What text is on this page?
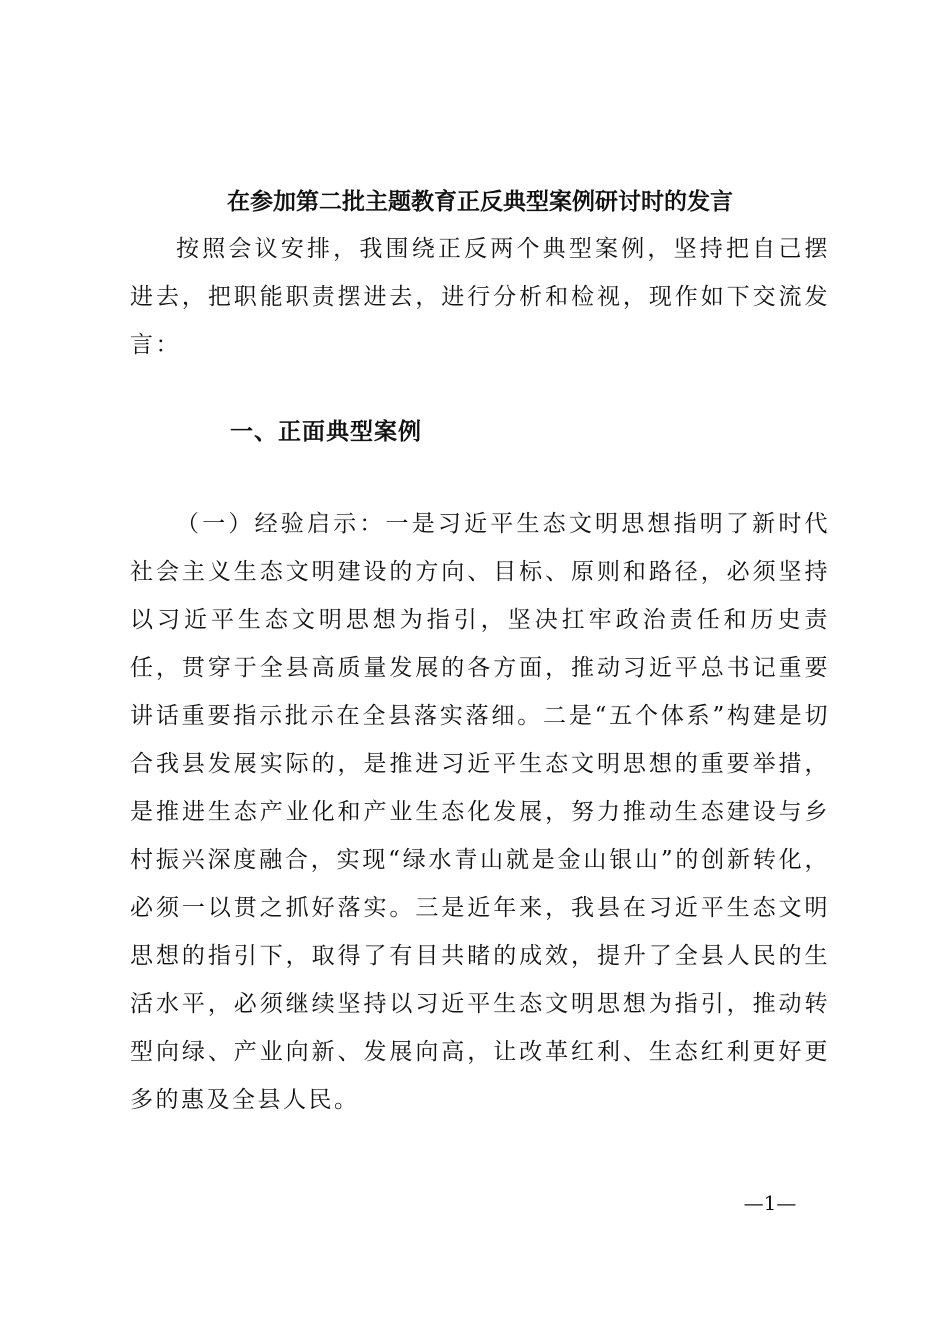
在参加第二批主题教育正反典型案例研讨时的发言

按照会议安排，我围绕正反两个典型案例，坚持把自己摆进去，把职能职责摆进去，进行分析和检视，现作如下交流发言：

一、正面典型案例

（一）经验启示：一是习近平生态文明思想指明了新时代社会主义生态文明建设的方向、目标、原则和路径，必须坚持以习近平生态文明思想为指引，坚决扛牢政治责任和历史责任，贯穿于全县高质量发展的各方面，推动习近平总书记重要讲话重要指示批示在全县落实落细。二是“五个体系”构建是切合我县发展实际的，是推进习近平生态文明思想的重要举措，是推进生态产业化和产业生态化发展，努力推动生态建设与乡村振兴深度融合，实现“绿水青山就是金山银山”的创新转化，必须一以贯之抓好落实。三是近年来，我县在习近平生态文明思想的指引下，取得了有目共睹的成效，提升了全县人民的生活水平，必须继续坚持以习近平生态文明思想为指引，推动转型向绿、产业向新、发展向高，让改革红利、生态红利更好更多的惠及全县人民。

—1—
